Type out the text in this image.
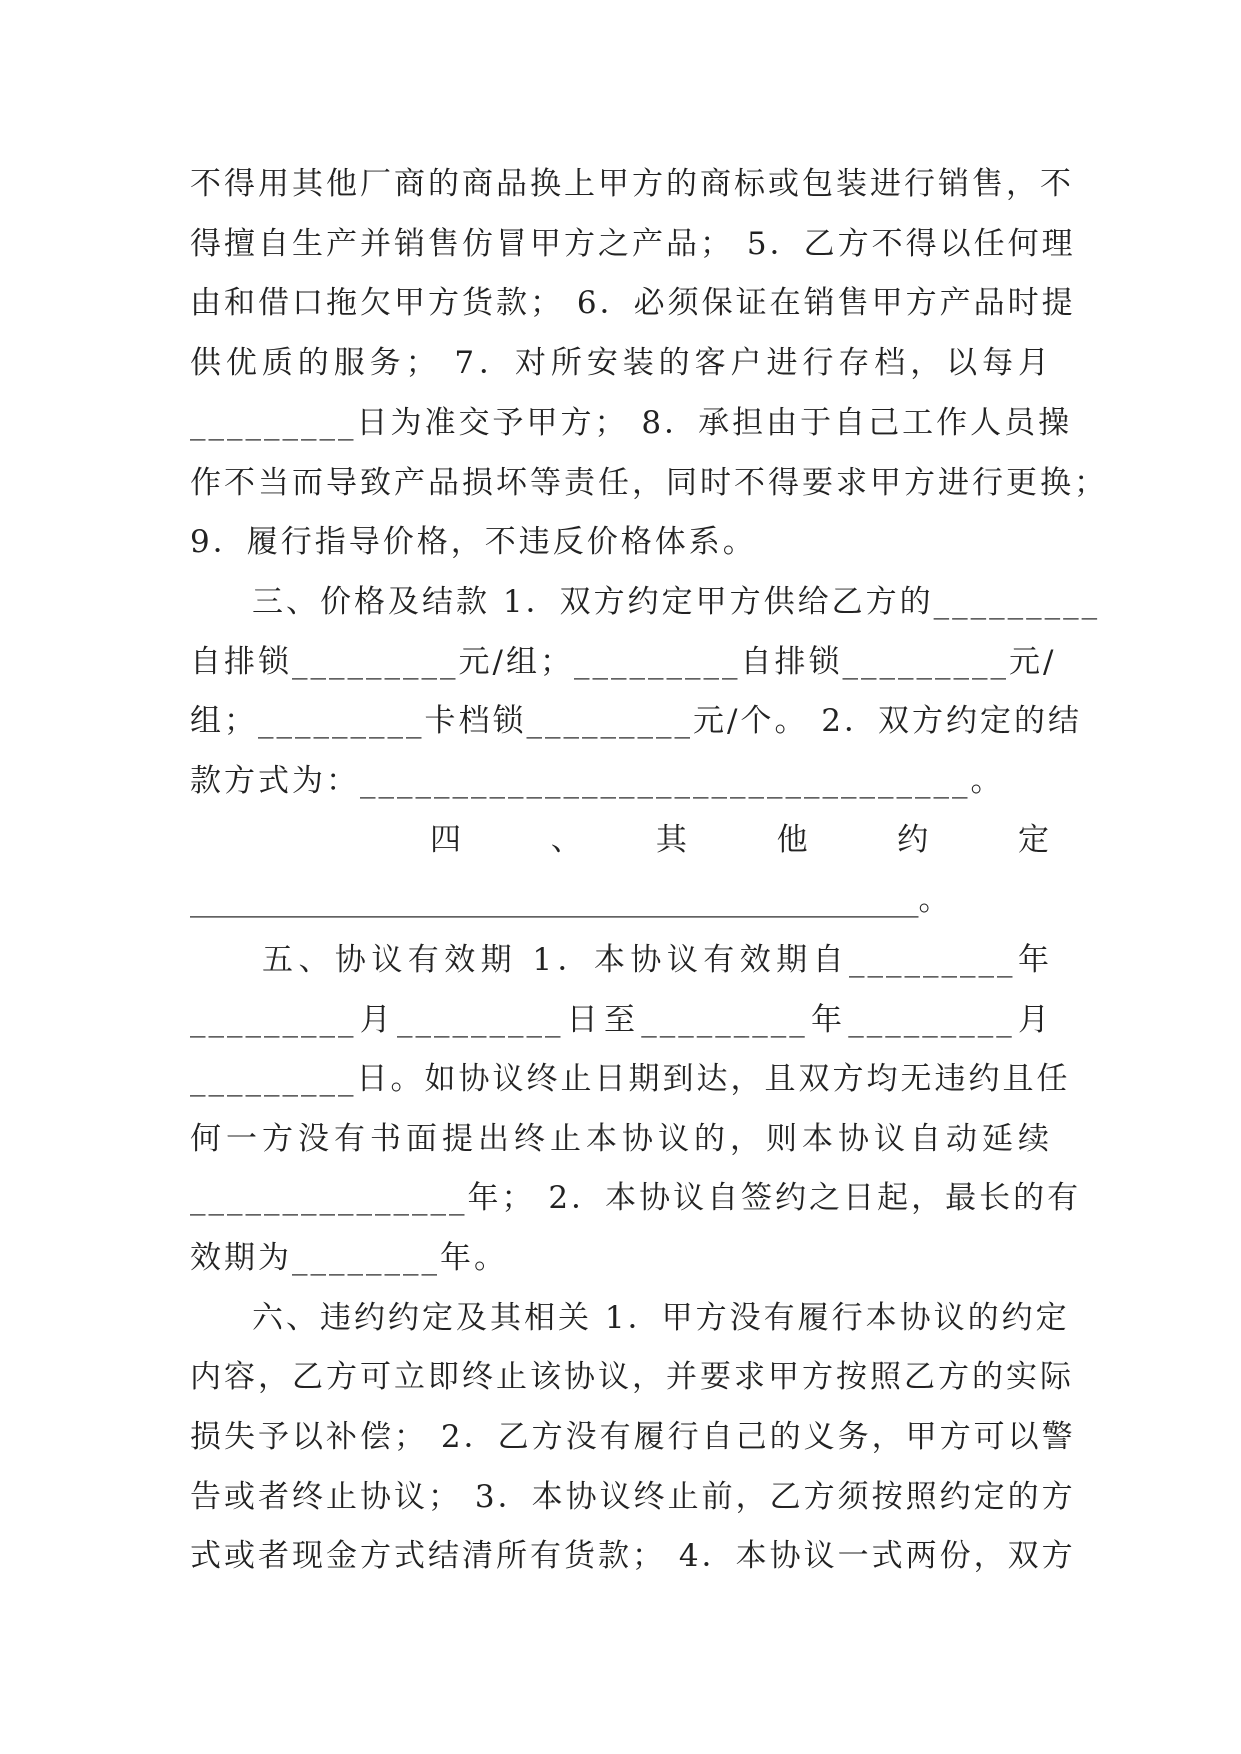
不得用其他厂商的商品换上甲方的商标或包装进行销售，不
得擅自生产并销售仿冒甲方之产品； 5．乙方不得以任何理
由和借口拖欠甲方货款； 6．必须保证在销售甲方产品时提
供优质的服务； 7．对所安装的客户进行存档，以每月
_________日为准交予甲方； 8．承担由于自己工作人员操
作不当而导致产品损坏等责任，同时不得要求甲方进行更换；
9．履行指导价格，不违反价格体系。
三、价格及结款 1．双方约定甲方供给乙方的_________
自排锁_________元/组；_________自排锁_________元/
组；_________卡档锁_________元/个。 2．双方约定的结
款方式为：_________________________________。
四　、　其　他　约　定
_______________________________________________。
五、协议有效期 1．本协议有效期自_________年
_________月_________日至_________年_________月
_________日。如协议终止日期到达，且双方均无违约且任
何一方没有书面提出终止本协议的，则本协议自动延续
_______________年； 2．本协议自签约之日起，最长的有
效期为________年。
六、违约约定及其相关 1．甲方没有履行本协议的约定
内容，乙方可立即终止该协议，并要求甲方按照乙方的实际
损失予以补偿； 2．乙方没有履行自己的义务，甲方可以警
告或者终止协议； 3．本协议终止前，乙方须按照约定的方
式或者现金方式结清所有货款； 4．本协议一式两份，双方
